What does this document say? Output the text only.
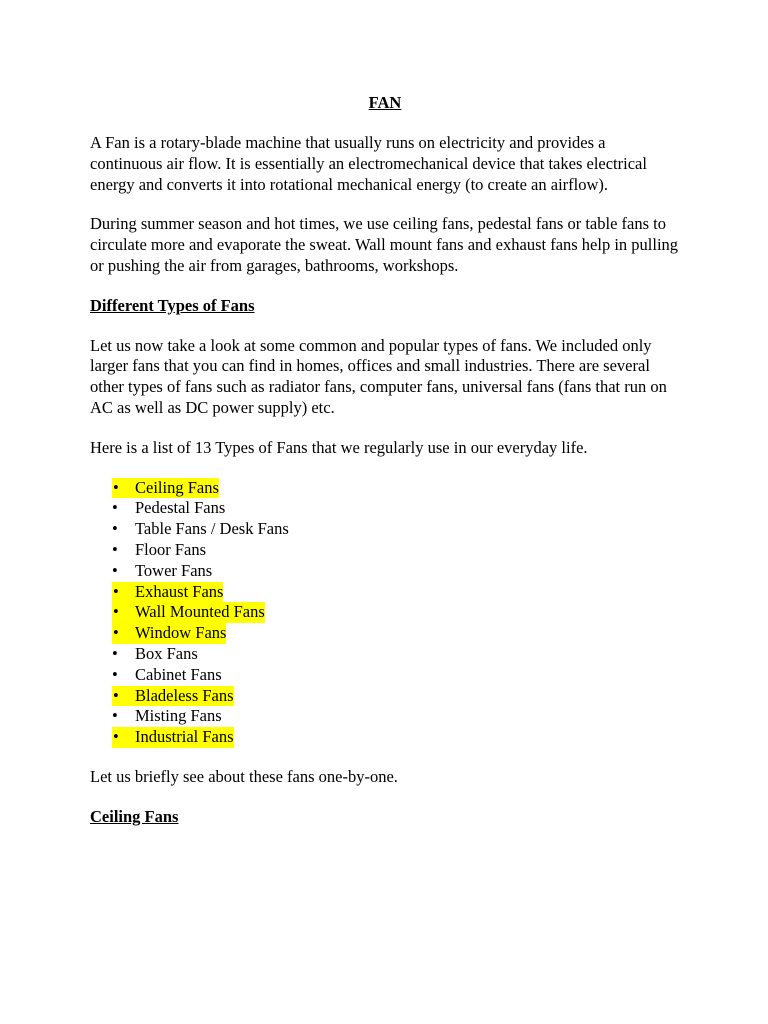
FAN

A Fan is a rotary-blade machine that usually runs on electricity and provides a continuous air flow. It is essentially an electromechanical device that takes electrical energy and converts it into rotational mechanical energy (to create an airflow).

During summer season and hot times, we use ceiling fans, pedestal fans or table fans to circulate more and evaporate the sweat. Wall mount fans and exhaust fans help in pulling or pushing the air from garages, bathrooms, workshops.

Different Types of Fans

Let us now take a look at some common and popular types of fans. We included only larger fans that you can find in homes, offices and small industries. There are several other types of fans such as radiator fans, computer fans, universal fans (fans that run on AC as well as DC power supply) etc.

Here is a list of 13 Types of Fans that we regularly use in our everyday life.

• Ceiling Fans
•	Pedestal Fans
•	Table Fans / Desk Fans
•	Floor Fans
•	Tower Fans
• Exhaust Fans
• Wall Mounted Fans
• Window Fans
•	Box Fans
•	Cabinet Fans
• Bladeless Fans
•	Misting Fans
• Industrial Fans

Let us briefly see about these fans one-by-one.

Ceiling Fans
